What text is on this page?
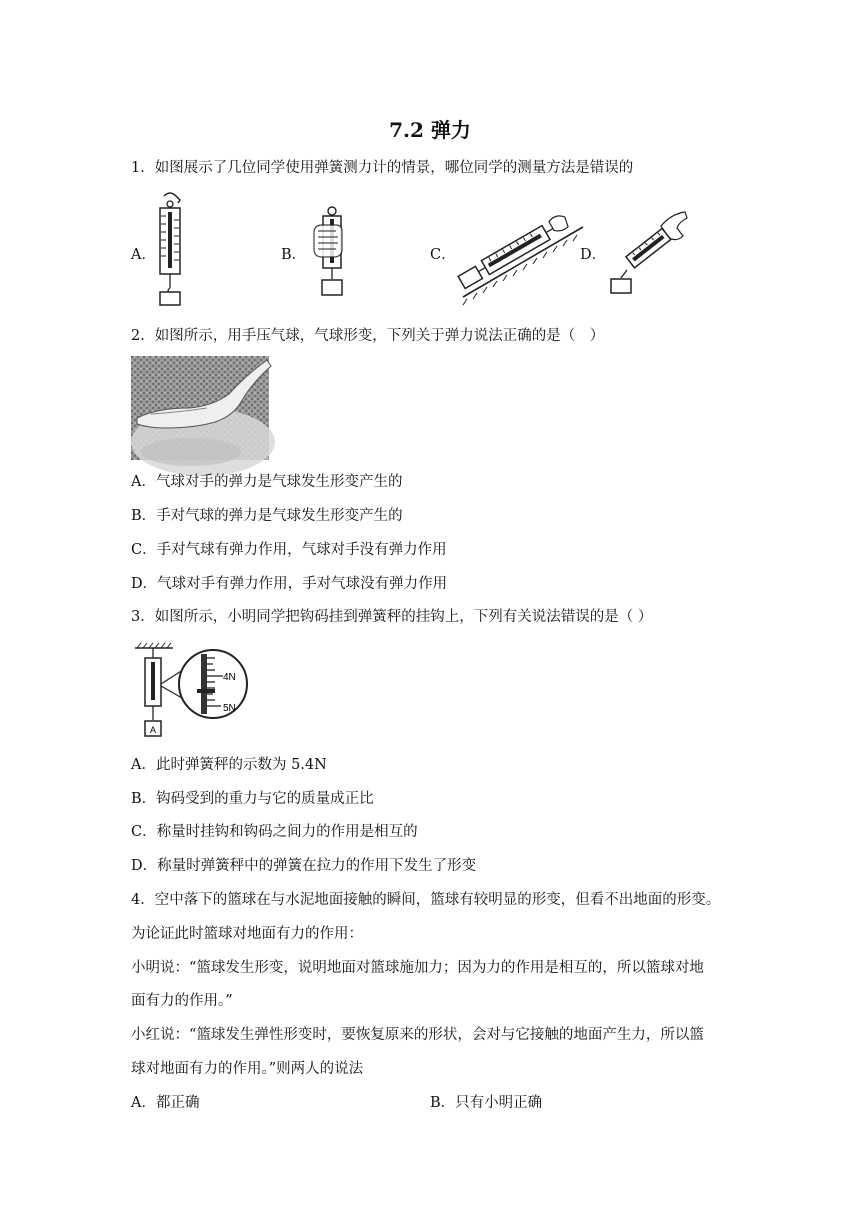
7.2 弹力
1．如图展示了几位同学使用弹簧测力计的情景，哪位同学的测量方法是错误的
A．	B．	C．	D．
2．如图所示，用手压气球，气球形变，下列关于弹力说法正确的是（　）
A．气球对手的弹力是气球发生形变产生的
B．手对气球的弹力是气球发生形变产生的
C．手对气球有弹力作用，气球对手没有弹力作用
D．气球对手有弹力作用，手对气球没有弹力作用
3．如图所示，小明同学把钩码挂到弹簧秤的挂钩上，下列有关说法错误的是（ ）
A
4N
5N
A．此时弹簧秤的示数为 5.4N
B．钩码受到的重力与它的质量成正比
C．称量时挂钩和钩码之间力的作用是相互的
D．称量时弹簧秤中的弹簧在拉力的作用下发生了形变
4．空中落下的篮球在与水泥地面接触的瞬间，篮球有较明显的形变，但看不出地面的形变。
为论证此时篮球对地面有力的作用：
小明说：“篮球发生形变，说明地面对篮球施加力；因为力的作用是相互的，所以篮球对地
面有力的作用。”
小红说：“篮球发生弹性形变时，要恢复原来的形状，会对与它接触的地面产生力，所以篮
球对地面有力的作用。”则两人的说法
A．都正确	B．只有小明正确
